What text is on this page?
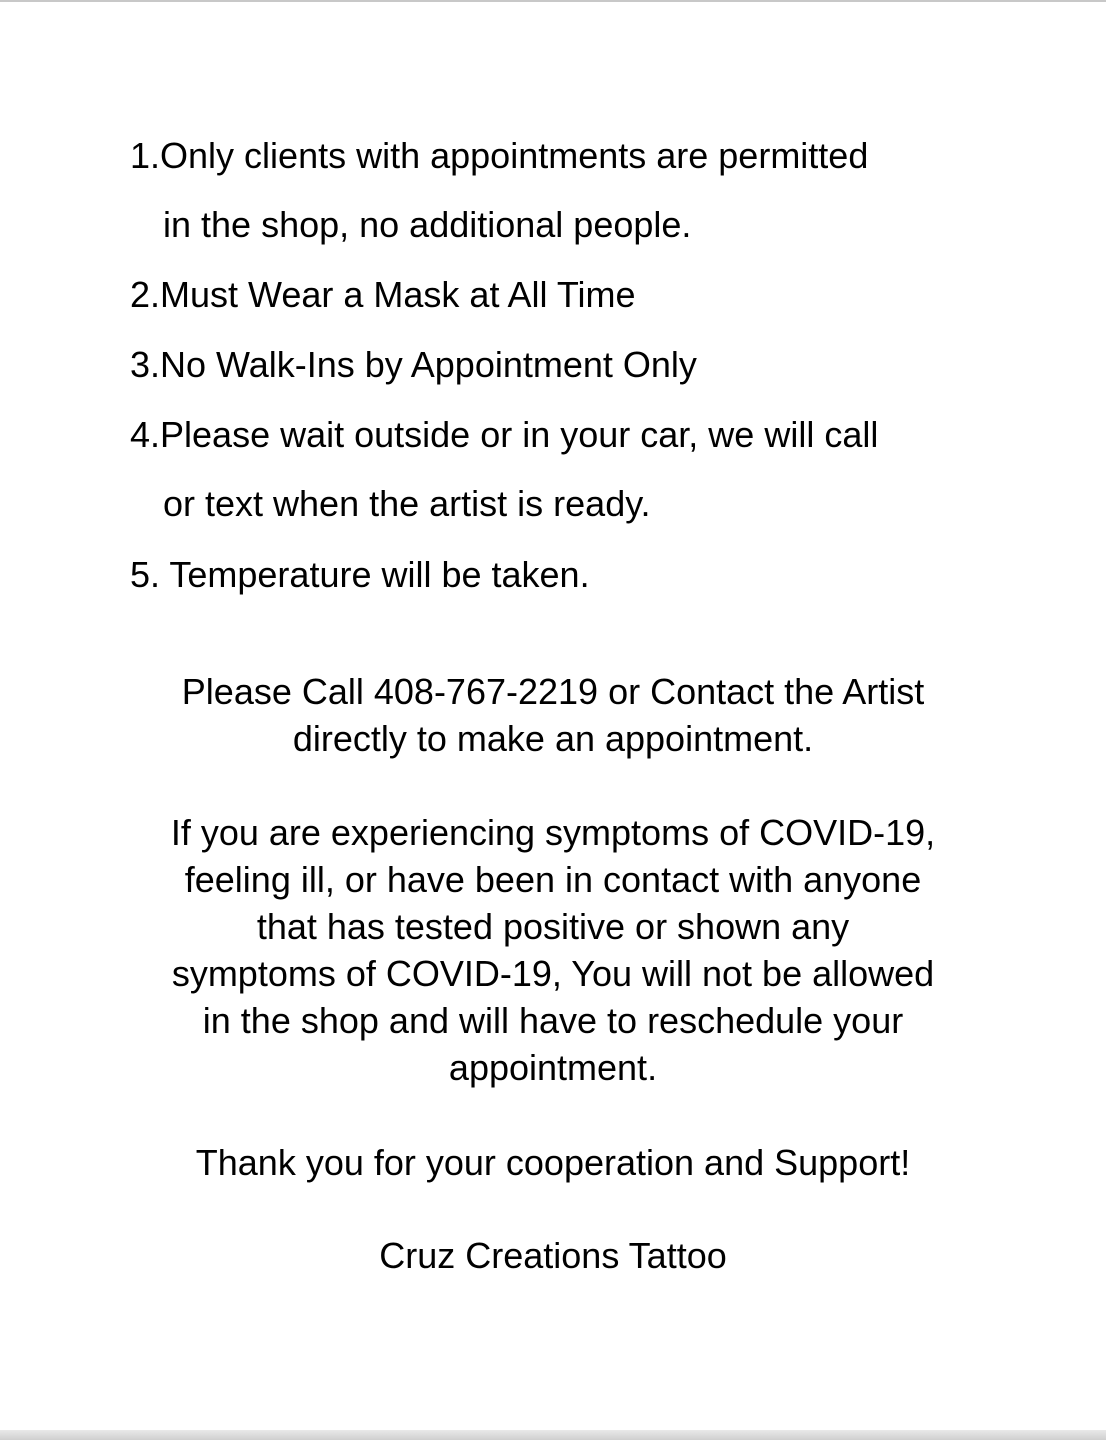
1.Only clients with appointments are permitted

in the shop, no additional people.

2.Must Wear a Mask at All Time

3.No Walk-Ins by Appointment Only

4.Please wait outside or in your car, we will call

or text when the artist is ready.

5. Temperature will be taken.

Please Call 408-767-2219 or Contact the Artist
directly to make an appointment.

If you are experiencing symptoms of COVID-19,
feeling ill, or have been in contact with anyone
that has tested positive or shown any
symptoms of COVID-19, You will not be allowed
in the shop and will have to reschedule your
appointment.

Thank you for your cooperation and Support!

Cruz Creations Tattoo
